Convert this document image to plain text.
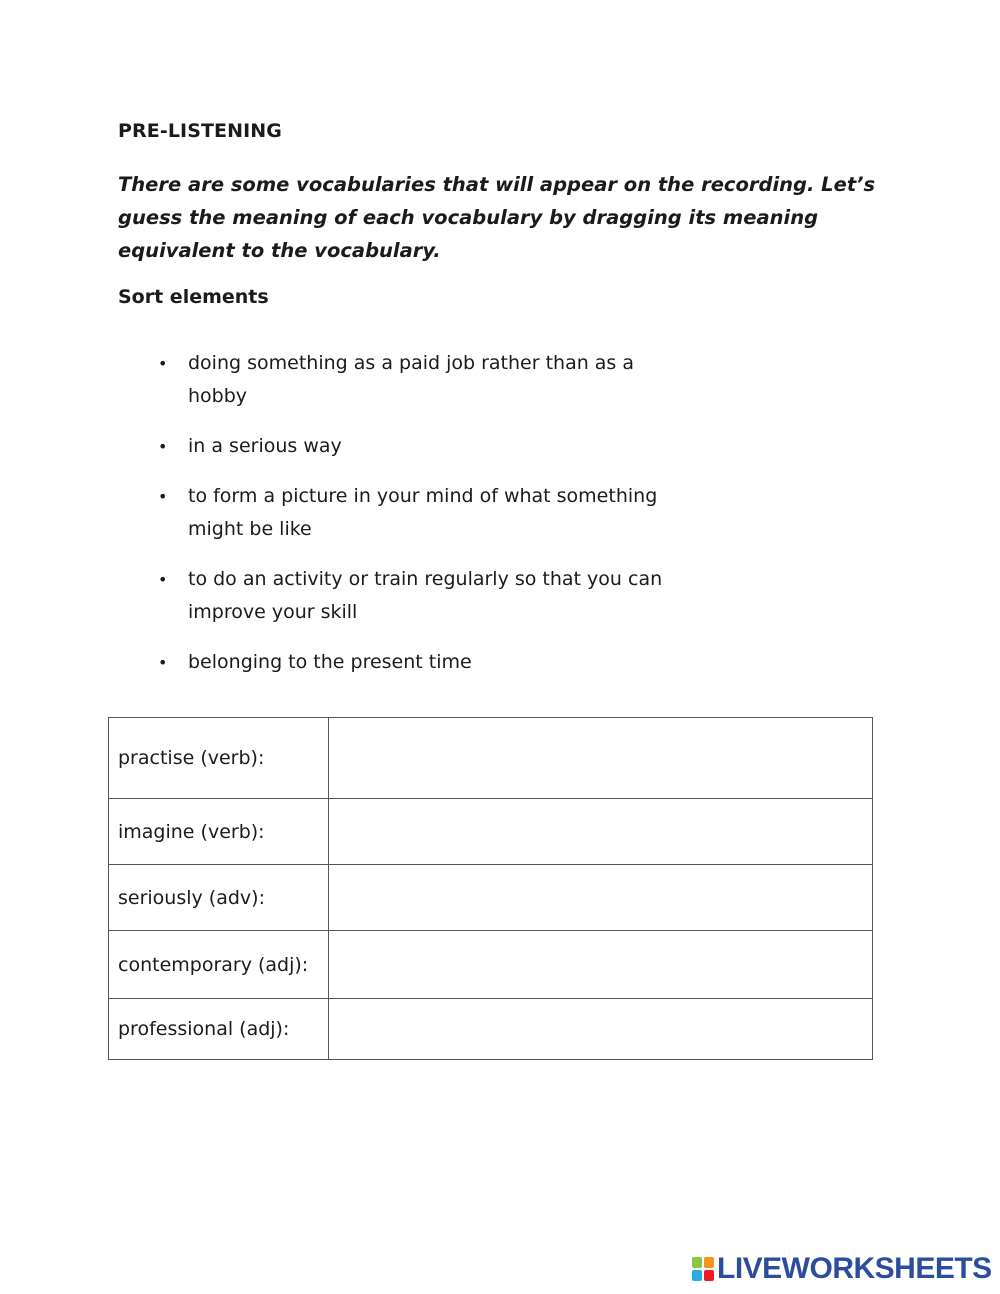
PRE-LISTENING
There are some vocabularies that will appear on the recording. Let’s guess the meaning of each vocabulary by dragging its meaning equivalent to the vocabulary.
Sort elements
• doing something as a paid job rather than as a hobby
• in a serious way
• to form a picture in your mind of what something might be like
• to do an activity or train regularly so that you can improve your skill
• belonging to the present time
practise (verb):	
imagine (verb):	
seriously (adv):	
contemporary (adj):	
professional (adj):	
LIVEWORKSHEETS
